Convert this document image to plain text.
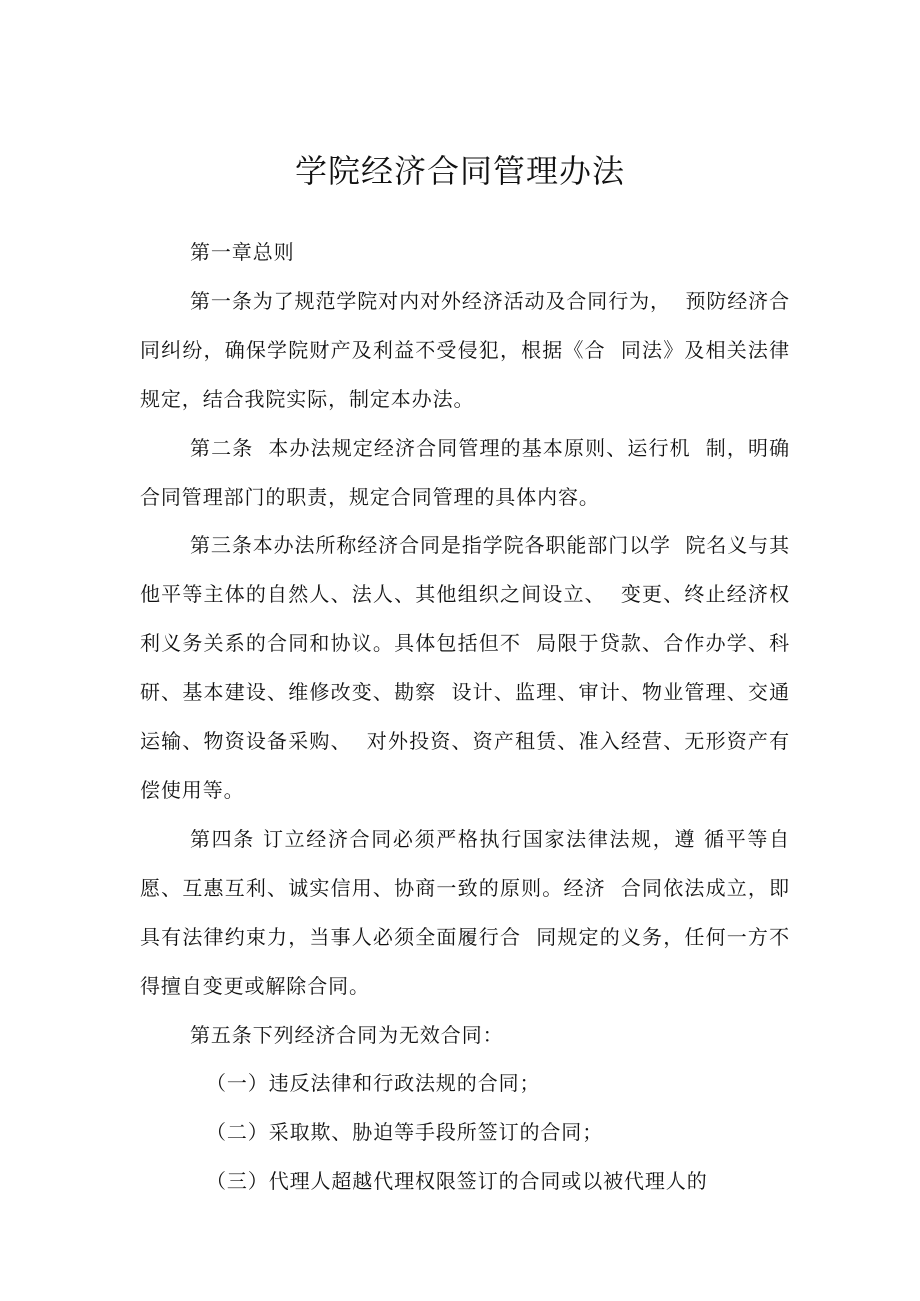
学院经济合同管理办法

第一章总则

第一条为了规范学院对内对外经济活动及合同行为，  预防经济合同纠纷，确保学院财产及利益不受侵犯，根据《合  同法》及相关法律规定，结合我院实际，制定本办法。

第二条  本办法规定经济合同管理的基本原则、运行机  制，明确合同管理部门的职责，规定合同管理的具体内容。

第三条本办法所称经济合同是指学院各职能部门以学  院名义与其他平等主体的自然人、法人、其他组织之间设立、  变更、终止经济权利义务关系的合同和协议。具体包括但不  局限于贷款、合作办学、科研、基本建设、维修改变、勘察  设计、监理、审计、物业管理、交通运输、物资设备采购、  对外投资、资产租赁、准入经营、无形资产有偿使用等。

第四条 订立经济合同必须严格执行国家法律法规，遵 循平等自愿、互惠互利、诚实信用、协商一致的原则。经济  合同依法成立，即具有法律约束力，当事人必须全面履行合  同规定的义务，任何一方不得擅自变更或解除合同。

第五条下列经济合同为无效合同：

（一）违反法律和行政法规的合同；

（二）采取欺、胁迫等手段所签订的合同；

（三）代理人超越代理权限签订的合同或以被代理人的
